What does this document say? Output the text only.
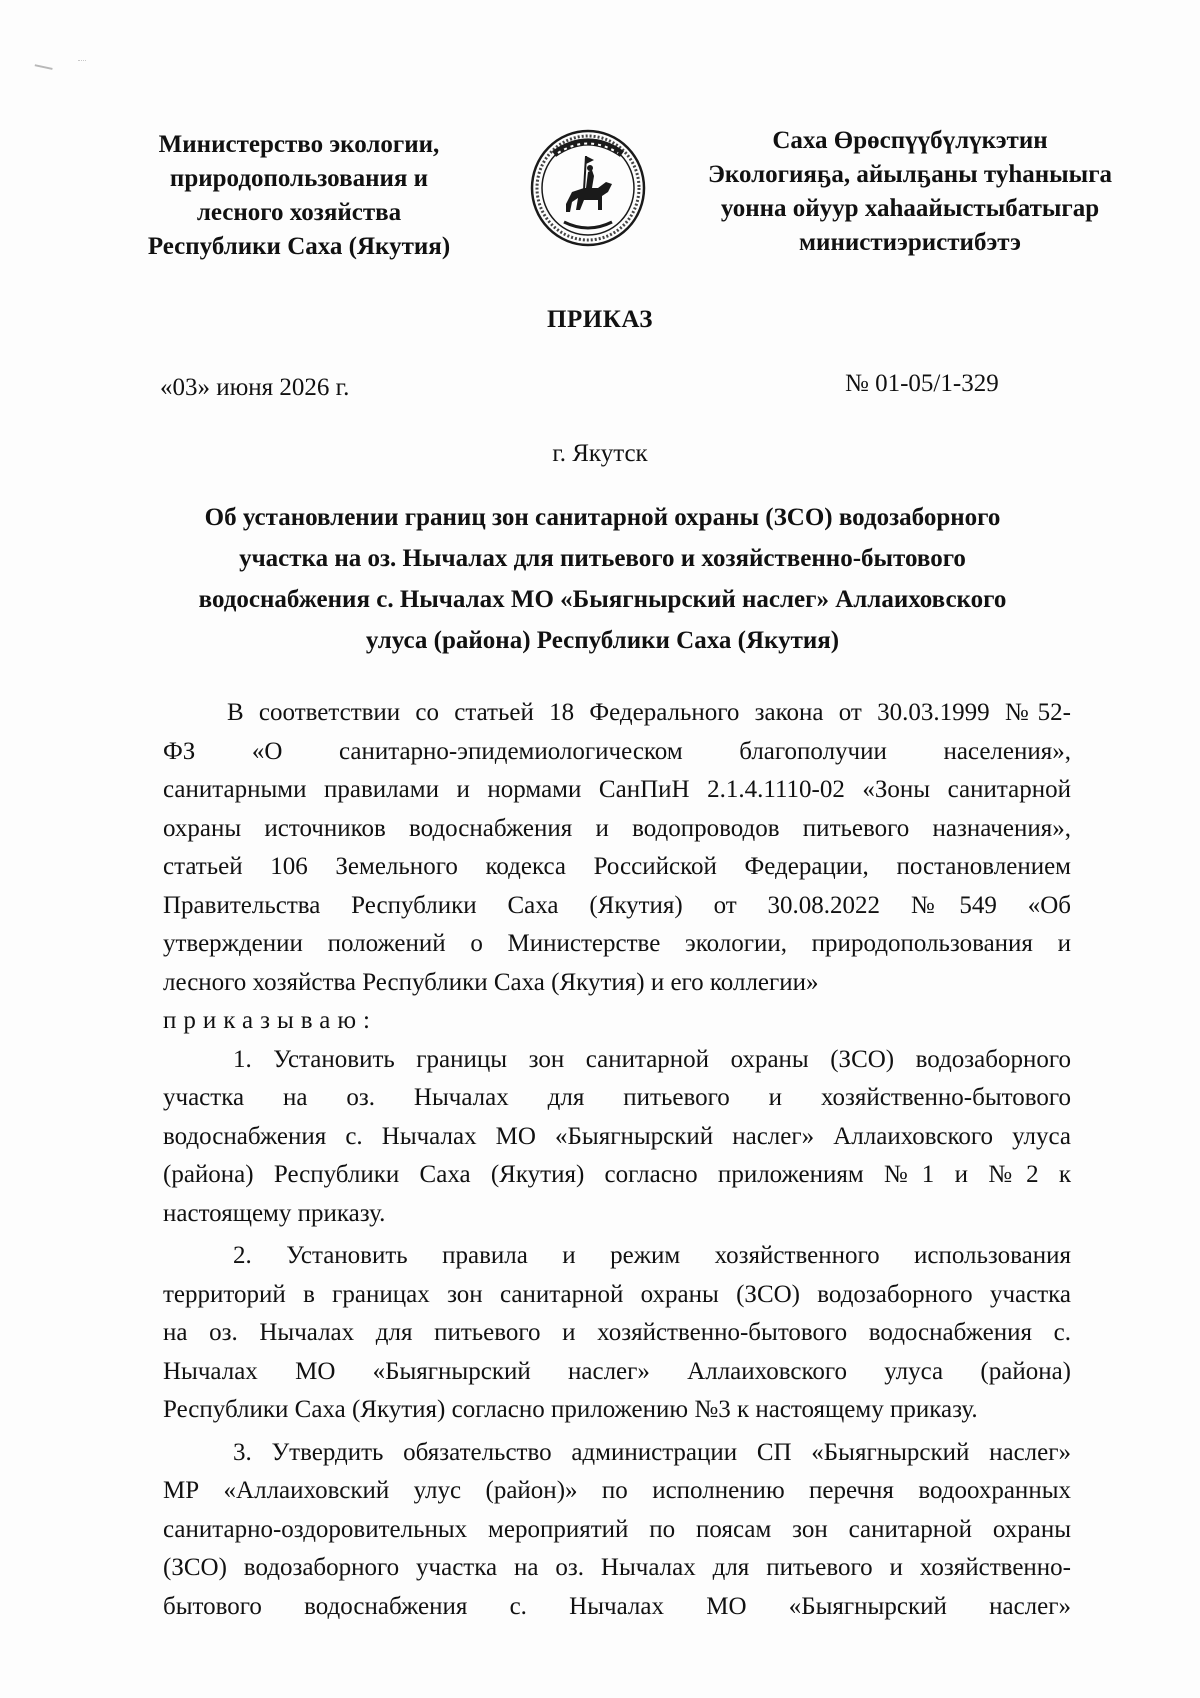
Министерство экологии,
природопользования и
лесного хозяйства
Республики Саха (Якутия)
Саха Өрөспүүбүлүкэтин
Экологияҕа, айылҕаны туһаныыга
уонна ойуур хаһаайыстыбатыгар
министиэристибэтэ
ПРИКАЗ
«03» июня 2026 г.	№ 01-05/1-329
г. Якутск
Об установлении границ зон санитарной охраны (ЗСО) водозаборного
участка на оз. Нычалах для питьевого и хозяйственно-бытового
водоснабжения с. Нычалах МО «Быягнырский наслег» Аллаиховского
улуса (района) Республики Саха (Якутия)
В соответствии со статьей 18 Федерального закона от 30.03.1999 №52-
ФЗ «О санитарно-эпидемиологическом благополучии населения»,
санитарными правилами и нормами СанПиН 2.1.4.1110-02 «Зоны санитарной
охраны источников водоснабжения и водопроводов питьевого назначения»,
статьей 106 Земельного кодекса Российской Федерации, постановлением
Правительства Республики Саха (Якутия) от 30.08.2022 №549 «Об
утверждении положений о Министерстве экологии, природопользования и
лесного хозяйства Республики Саха (Якутия) и его коллегии»
приказываю:
1. Установить границы зон санитарной охраны (ЗСО) водозаборного
участка на оз. Нычалах для питьевого и хозяйственно-бытового
водоснабжения с. Нычалах МО «Быягнырский наслег» Аллаиховского улуса
(района) Республики Саха (Якутия) согласно приложениям №1 и №2 к
настоящему приказу.
2. Установить правила и режим хозяйственного использования
территорий в границах зон санитарной охраны (ЗСО) водозаборного участка
на оз. Нычалах для питьевого и хозяйственно-бытового водоснабжения с.
Нычалах МО «Быягнырский наслег» Аллаиховского улуса (района)
Республики Саха (Якутия) согласно приложению №3 к настоящему приказу.
3. Утвердить обязательство администрации СП «Быягнырский наслег»
МР «Аллаиховский улус (район)» по исполнению перечня водоохранных
санитарно-оздоровительных мероприятий по поясам зон санитарной охраны
(ЗСО) водозаборного участка на оз. Нычалах для питьевого и хозяйственно-
бытового водоснабжения с. Нычалах МО «Быягнырский наслег»
